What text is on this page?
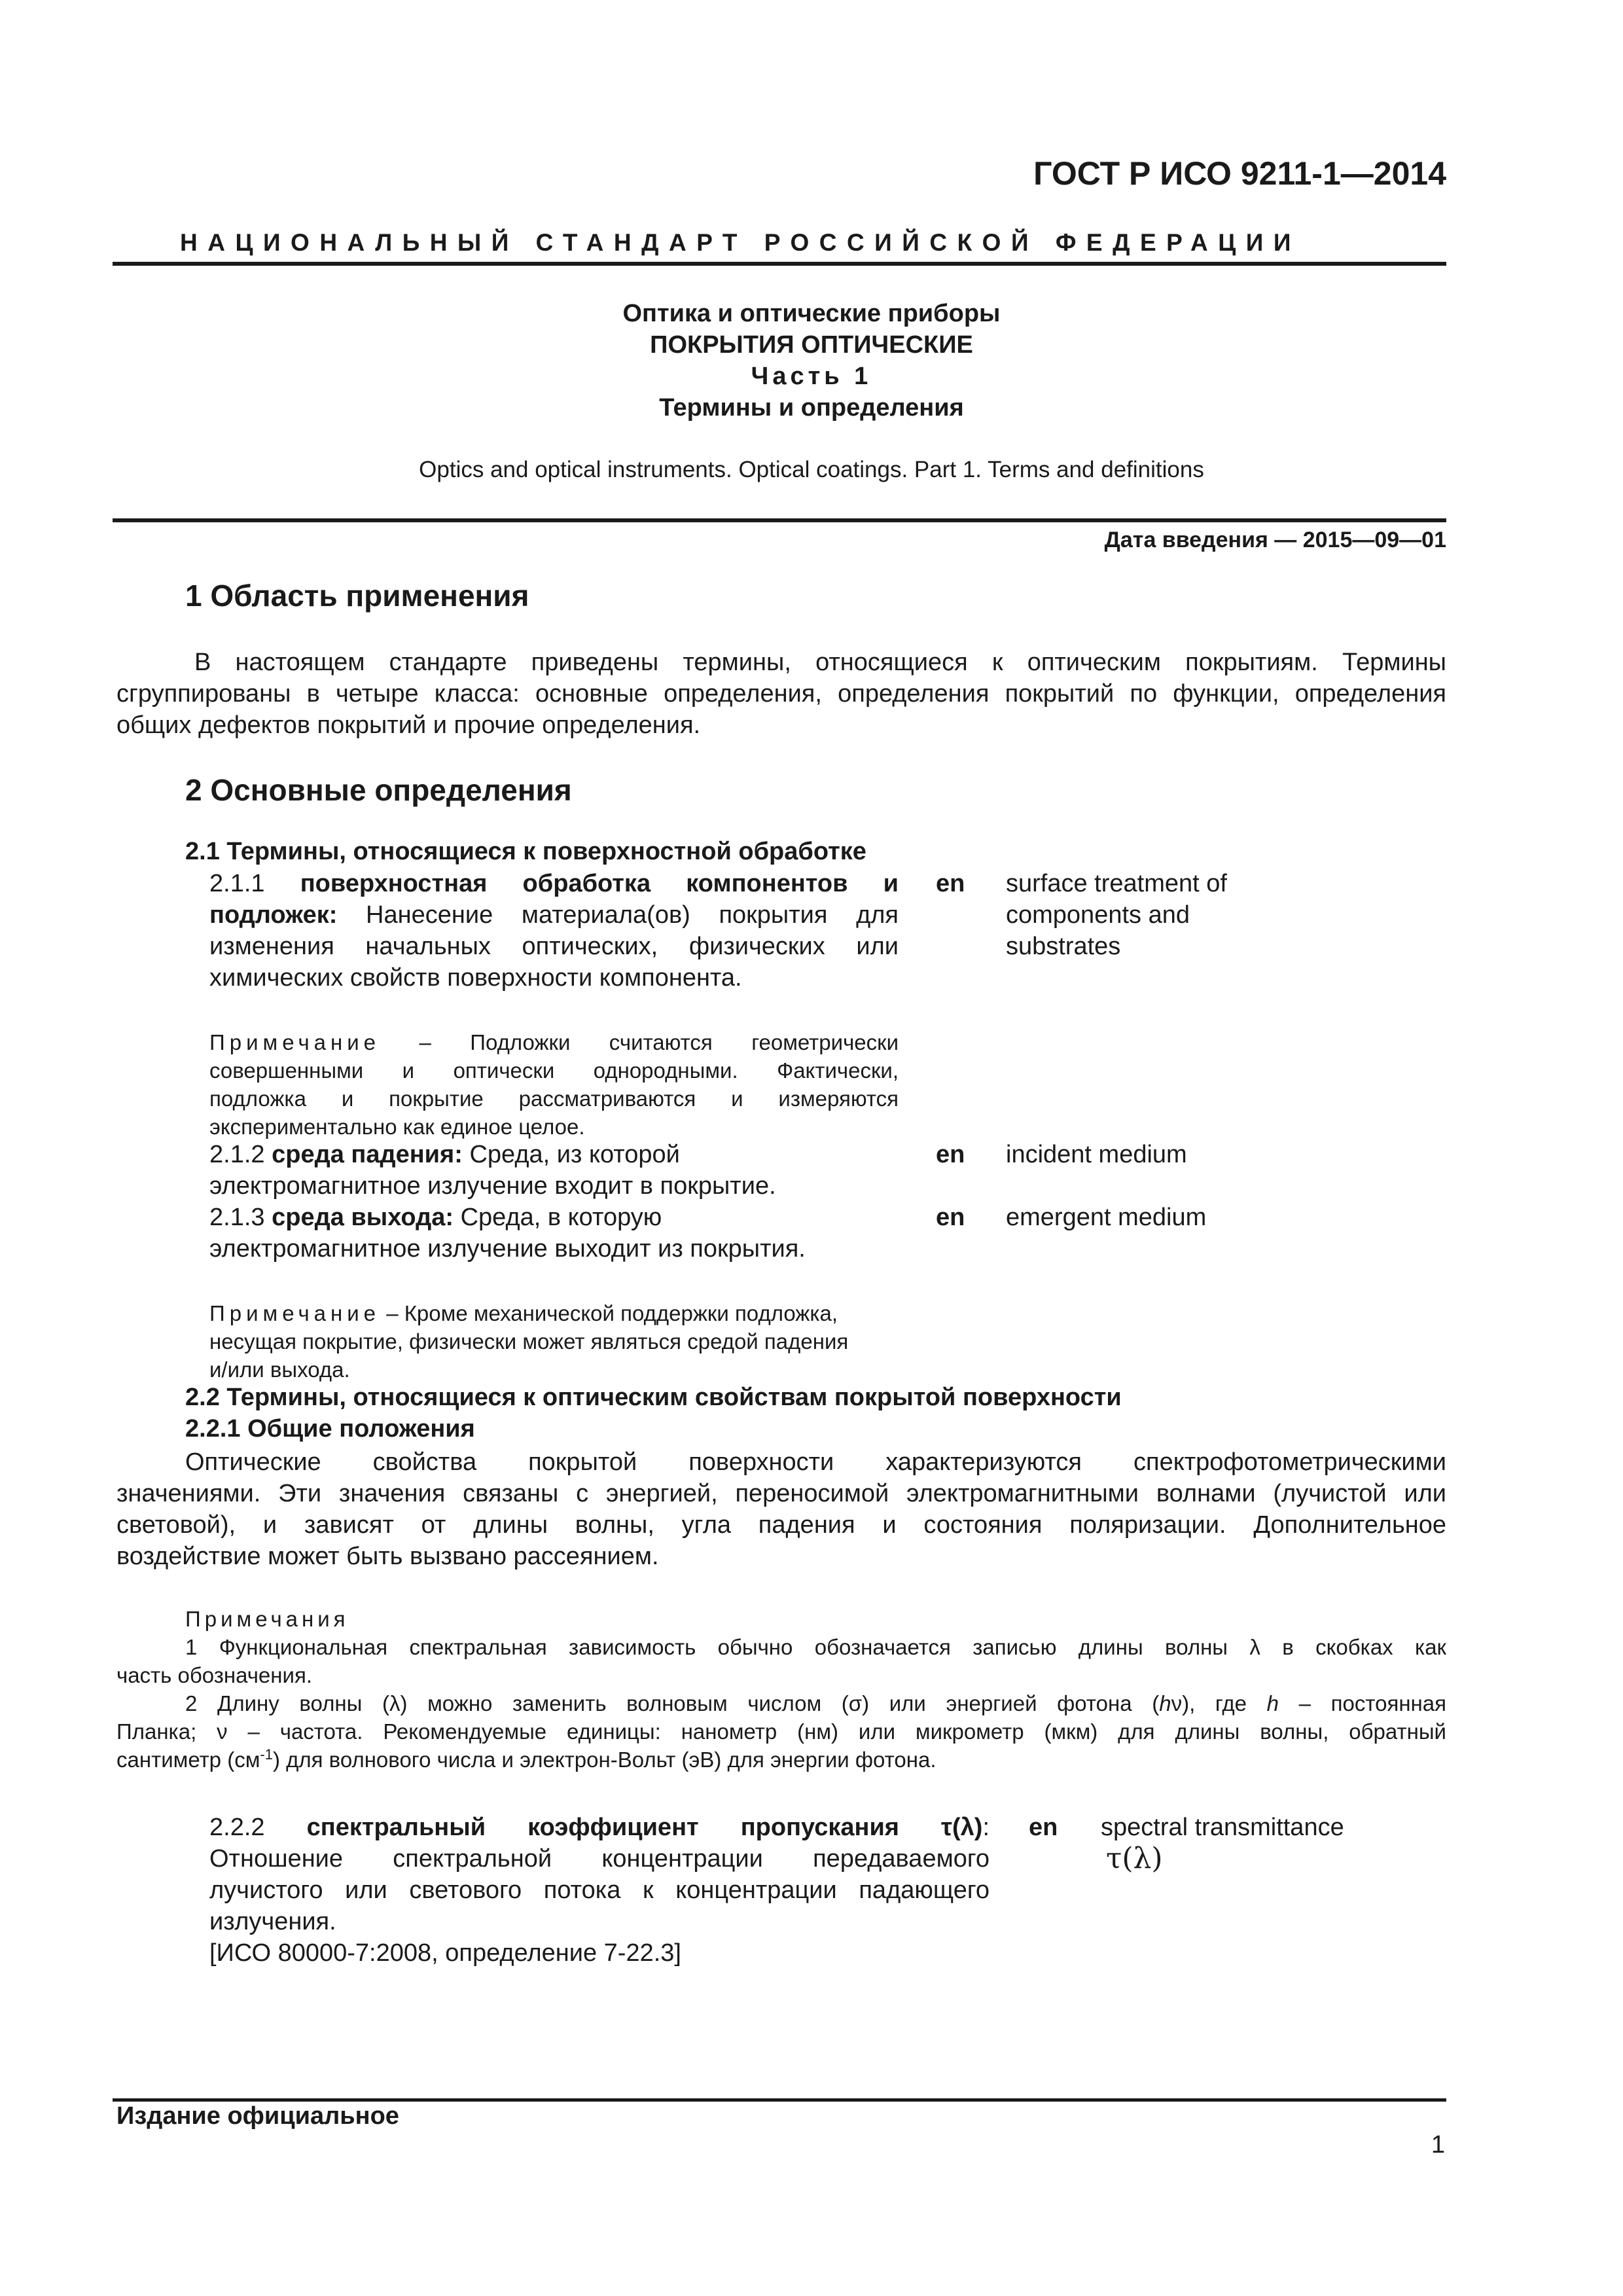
ГОСТ Р ИСО 9211-1—2014
НАЦИОНАЛЬНЫЙ СТАНДАРТ РОССИЙСКОЙ ФЕДЕРАЦИИ
Оптика и оптические приборы
ПОКРЫТИЯ ОПТИЧЕСКИЕ
Часть 1
Термины и определения
Optics and optical instruments. Optical coatings. Part 1. Terms and definitions
Дата введения — 2015—09—01
1 Область применения
В настоящем стандарте приведены термины, относящиеся к оптическим покрытиям. Термины
сгруппированы в четыре класса: основные определения, определения покрытий по функции, определения
общих дефектов покрытий и прочие определения.
2 Основные определения
2.1 Термины, относящиеся к поверхностной обработке
2.1.1 поверхностная обработка компонентов и
подложек: Нанесение материала(ов) покрытия для
изменения начальных оптических, физических или
химических свойств поверхности компонента.
en surface treatment of
components and
substrates
Примечание – Подложки считаются геометрически
совершенными и оптически однородными. Фактически,
подложка и покрытие рассматриваются и измеряются
экспериментально как единое целое.
2.1.2 среда падения: Среда, из которой
электромагнитное излучение входит в покрытие.
en incident medium
2.1.3 среда выхода: Среда, в которую
электромагнитное излучение выходит из покрытия.
en emergent medium
Примечание – Кроме механической поддержки подложка,
несущая покрытие, физически может являться средой падения
и/или выхода.
2.2 Термины, относящиеся к оптическим свойствам покрытой поверхности
2.2.1 Общие положения
Оптические свойства покрытой поверхности характеризуются спектрофотометрическими
значениями. Эти значения связаны с энергией, переносимой электромагнитными волнами (лучистой или
световой), и зависят от длины волны, угла падения и состояния поляризации. Дополнительное
воздействие может быть вызвано рассеянием.
Примечания
1 Функциональная спектральная зависимость обычно обозначается записью длины волны λ в скобках как
часть обозначения.
2 Длину волны (λ) можно заменить волновым числом (σ) или энергией фотона (hν), где h – постоянная
Планка; ν – частота. Рекомендуемые единицы: нанометр (нм) или микрометр (мкм) для длины волны, обратный
сантиметр $(см^{-1})$ для волнового числа и электрон-Вольт (эВ) для энергии фотона.
2.2.2 спектральный коэффициент пропускания τ(λ):
Отношение спектральной концентрации передаваемого
лучистого или светового потока к концентрации падающего
излучения.
[ИСО 80000-7:2008, определение 7-22.3]
en spectral transmittance
τ(λ)
Издание официальное
1
